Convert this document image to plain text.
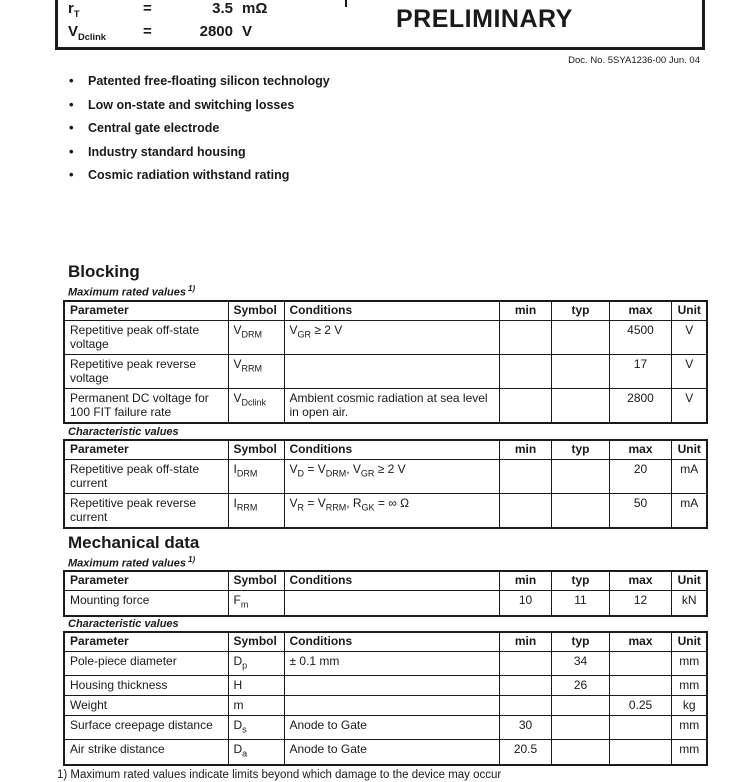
$r_T$	=	3.5 mΩ
$V_{Dclink}$	=	2800 V	PRELIMINARY
Doc. No. 5SYA1236-00 Jun. 04
•	Patented free-floating silicon technology
•	Low on-state and switching losses
•	Central gate electrode
•	Industry standard housing
•	Cosmic radiation withstand rating
Blocking
Maximum rated values $^{1)}$
Parameter	Symbol	Conditions	min	typ	max	Unit
Repetitive peak off-state voltage	$V_{DRM}$	$V_{GR} \ge 2$ V			4500	V
Repetitive peak reverse voltage	$V_{RRM}$				17	V
Permanent DC voltage for 100 FIT failure rate	$V_{Dclink}$	Ambient cosmic radiation at sea level in open air.			2800	V
Characteristic values
Parameter	Symbol	Conditions	min	typ	max	Unit
Repetitive peak off-state current	$I_{DRM}$	$V_D = V_{DRM}$, $V_{GR} \ge 2$ V			20	mA
Repetitive peak reverse current	$I_{RRM}$	$V_R = V_{RRM}$, $R_{GK}$ = ∞ Ω			50	mA
Mechanical data
Maximum rated values $^{1)}$
Parameter	Symbol	Conditions	min	typ	max	Unit
Mounting force	$F_m$		10	11	12	kN
Characteristic values
Parameter	Symbol	Conditions	min	typ	max	Unit
Pole-piece diameter	$D_p$	± 0.1 mm		34		mm
Housing thickness	H			26		mm
Weight	m				0.25	kg
Surface creepage distance	$D_s$	Anode to Gate	30			mm
Air strike distance	$D_a$	Anode to Gate	20.5			mm
1) Maximum rated values indicate limits beyond which damage to the device may occur
